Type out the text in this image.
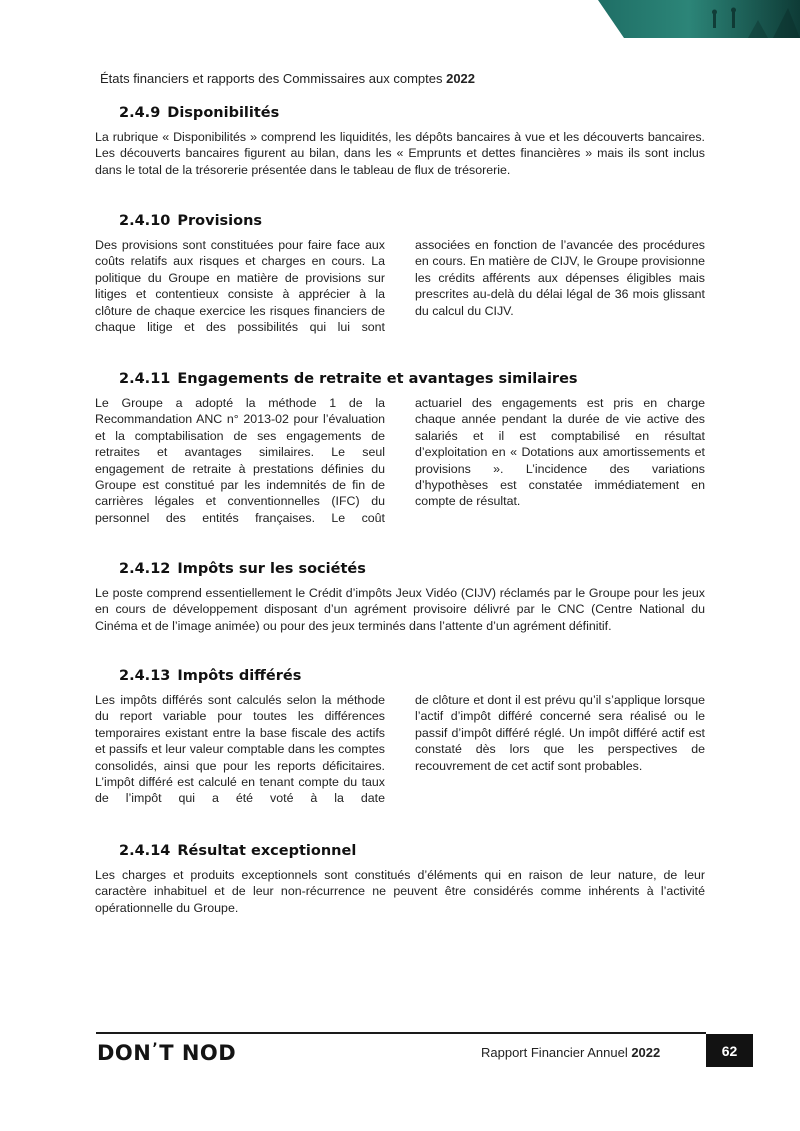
États financiers et rapports des Commissaires aux comptes 2022
2.4.9 Disponibilités

La rubrique « Disponibilités » comprend les liquidités, les dépôts bancaires à vue et les découverts bancaires. Les découverts bancaires figurent au bilan, dans les « Emprunts et dettes financières » mais ils sont inclus dans le total de la trésorerie présentée dans le tableau de flux de trésorerie.

2.4.10 Provisions

Des provisions sont constituées pour faire face aux coûts relatifs aux risques et charges en cours. La politique du Groupe en matière de provisions sur litiges et contentieux consiste à apprécier à la clôture de chaque exercice les risques financiers de chaque litige et des possibilités qui lui sont

associées en fonction de l’avancée des procédures en cours. En matière de CIJV, le Groupe provisionne les crédits afférents aux dépenses éligibles mais prescrites au-delà du délai légal de 36 mois glissant du calcul du CIJV.

2.4.11 Engagements de retraite et avantages similaires

Le Groupe a adopté la méthode 1 de la Recommandation ANC n° 2013-02 pour l’évaluation et la comptabilisation de ses engagements de retraites et avantages similaires. Le seul engagement de retraite à prestations définies du Groupe est constitué par les indemnités de fin de carrières légales et conventionnelles (IFC) du personnel des entités françaises. Le coût

actuariel des engagements est pris en charge chaque année pendant la durée de vie active des salariés et il est comptabilisé en résultat d’exploitation en « Dotations aux amortissements et provisions ». L’incidence des variations d’hypothèses est constatée immédiatement en compte de résultat.

2.4.12 Impôts sur les sociétés

Le poste comprend essentiellement le Crédit d’impôts Jeux Vidéo (CIJV) réclamés par le Groupe pour les jeux en cours de développement disposant d’un agrément provisoire délivré par le CNC (Centre National du Cinéma et de l’image animée) ou pour des jeux terminés dans l’attente d’un agrément définitif.

2.4.13 Impôts différés

Les impôts différés sont calculés selon la méthode du report variable pour toutes les différences temporaires existant entre la base fiscale des actifs et passifs et leur valeur comptable dans les comptes consolidés, ainsi que pour les reports déficitaires. L’impôt différé est calculé en tenant compte du taux de l’impôt qui a été voté à la date

de clôture et dont il est prévu qu’il s’applique lorsque l’actif d’impôt différé concerné sera réalisé ou le passif d’impôt différé réglé. Un impôt différé actif est constaté dès lors que les perspectives de recouvrement de cet actif sont probables.

2.4.14 Résultat exceptionnel

Les charges et produits exceptionnels sont constitués d’éléments qui en raison de leur nature, de leur caractère inhabituel et de leur non-récurrence ne peuvent être considérés comme inhérents à l’activité opérationnelle du Groupe.

DON’T NOD	Rapport Financier Annuel 2022	62
